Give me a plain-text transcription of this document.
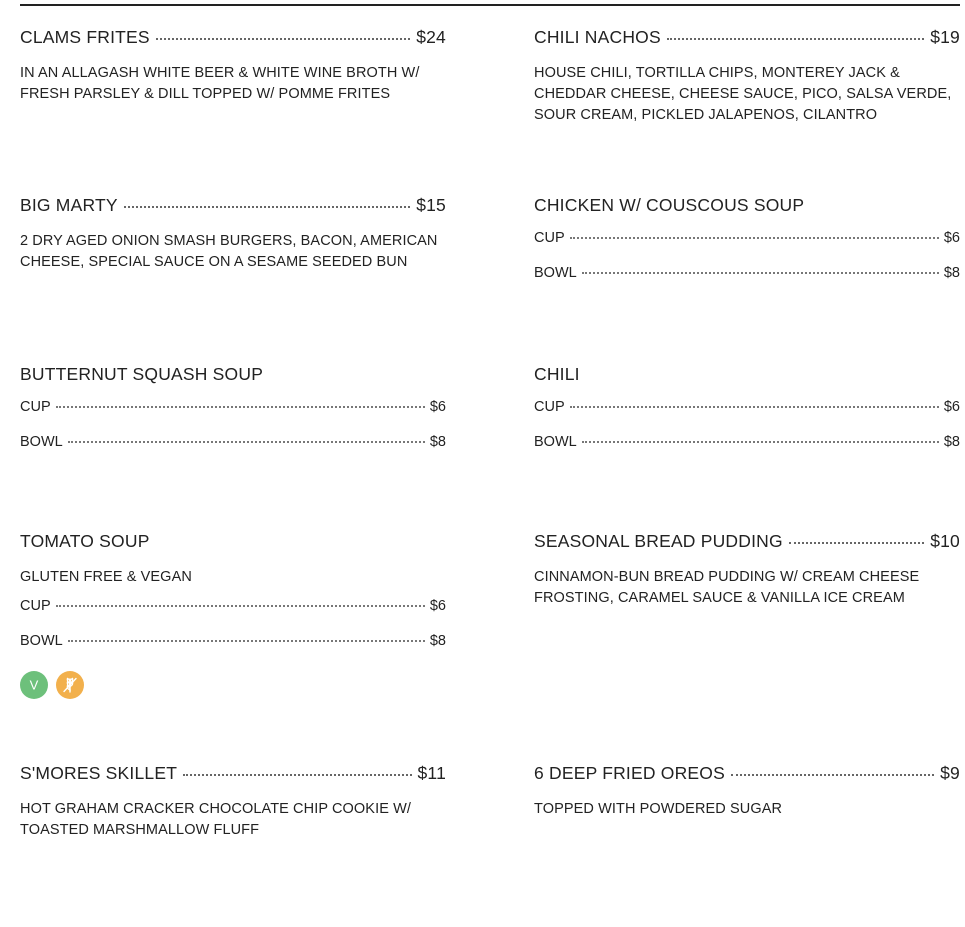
CLAMS FRITES	$24
IN AN ALLAGASH WHITE BEER & WHITE WINE BROTH W/ FRESH PARSLEY & DILL TOPPED W/ POMME FRITES
CHILI NACHOS	$19
HOUSE CHILI, TORTILLA CHIPS, MONTEREY JACK & CHEDDAR CHEESE, CHEESE SAUCE, PICO, SALSA VERDE, SOUR CREAM, PICKLED JALAPENOS, CILANTRO
BIG MARTY	$15
2 DRY AGED ONION SMASH BURGERS, BACON, AMERICAN CHEESE, SPECIAL SAUCE ON A SESAME SEEDED BUN
CHICKEN W/ COUSCOUS SOUP
CUP	$6
BOWL	$8
BUTTERNUT SQUASH SOUP
CUP	$6
BOWL	$8
CHILI
CUP	$6
BOWL	$8
TOMATO SOUP
GLUTEN FREE & VEGAN
CUP	$6
BOWL	$8
V
SEASONAL BREAD PUDDING	$10
CINNAMON-BUN BREAD PUDDING W/ CREAM CHEESE FROSTING, CARAMEL SAUCE & VANILLA ICE CREAM
S'MORES SKILLET	$11
HOT GRAHAM CRACKER CHOCOLATE CHIP COOKIE W/ TOASTED MARSHMALLOW FLUFF
6 DEEP FRIED OREOS	$9
TOPPED WITH POWDERED SUGAR
